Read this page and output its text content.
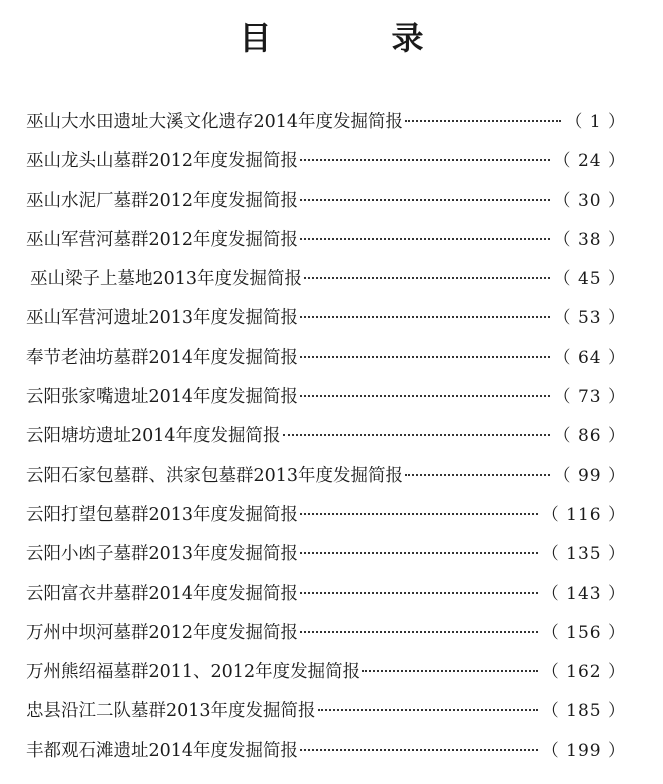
目　录
巫山大水田遗址大溪文化遗存2014年度发掘简报	（ 1 ）
巫山龙头山墓群2012年度发掘简报	（ 24 ）
巫山水泥厂墓群2012年度发掘简报	（ 30 ）
巫山军营河墓群2012年度发掘简报	（ 38 ）
巫山梁子上墓地2013年度发掘简报	（ 45 ）
巫山军营河遗址2013年度发掘简报	（ 53 ）
奉节老油坊墓群2014年度发掘简报	（ 64 ）
云阳张家嘴遗址2014年度发掘简报	（ 73 ）
云阳塘坊遗址2014年度发掘简报	（ 86 ）
云阳石家包墓群、洪家包墓群2013年度发掘简报	（ 99 ）
云阳打望包墓群2013年度发掘简报	（ 116 ）
云阳小凼子墓群2013年度发掘简报	（ 135 ）
云阳富衣井墓群2014年度发掘简报	（ 143 ）
万州中坝河墓群2012年度发掘简报	（ 156 ）
万州熊绍福墓群2011、2012年度发掘简报	（ 162 ）
忠县沿江二队墓群2013年度发掘简报	（ 185 ）
丰都观石滩遗址2014年度发掘简报	（ 199 ）
